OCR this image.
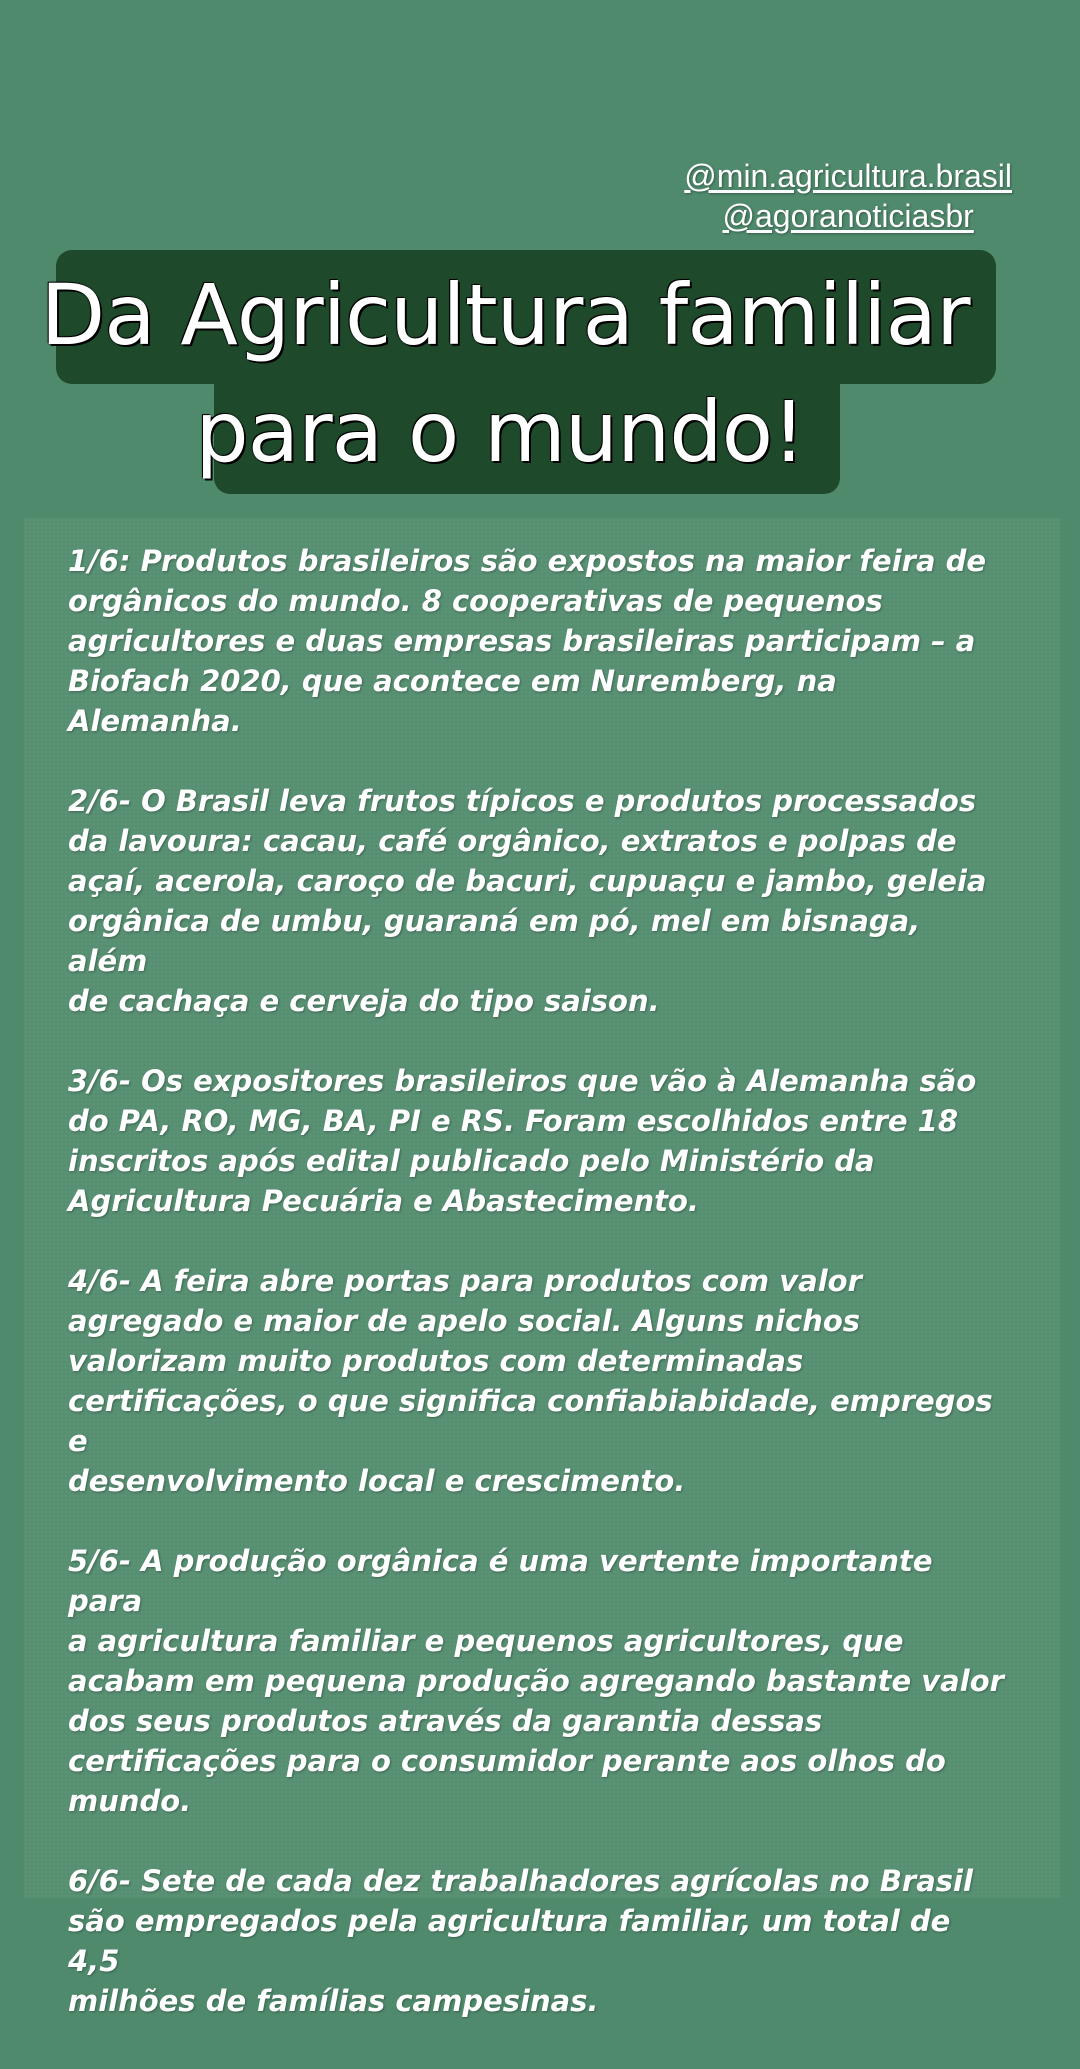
@min.agricultura.brasil
@agoranoticiasbr
Da Agricultura familiar
para o mundo!

1/6: Produtos brasileiros são expostos na maior feira de
orgânicos do mundo. 8 cooperativas de pequenos
agricultores e duas empresas brasileiras participam – a
Biofach 2020, que acontece em Nuremberg, na Alemanha.

2/6- O Brasil leva frutos típicos e produtos processados
da lavoura: cacau, café orgânico, extratos e polpas de
açaí, acerola, caroço de bacuri, cupuaçu e jambo, geleia
orgânica de umbu, guaraná em pó, mel em bisnaga, além
de cachaça e cerveja do tipo saison.

3/6- Os expositores brasileiros que vão à Alemanha são
do PA, RO, MG, BA, PI e RS. Foram escolhidos entre 18
inscritos após edital publicado pelo Ministério da
Agricultura Pecuária e Abastecimento.

4/6- A feira abre portas para produtos com valor
agregado e maior de apelo social. Alguns nichos
valorizam muito produtos com determinadas
certificações, o que significa confiabiabidade, empregos e
desenvolvimento local e crescimento.

5/6- A produção orgânica é uma vertente importante para
a agricultura familiar e pequenos agricultores, que
acabam em pequena produção agregando bastante valor
dos seus produtos através da garantia dessas
certificações para o consumidor perante aos olhos do
mundo.

6/6- Sete de cada dez trabalhadores agrícolas no Brasil
são empregados pela agricultura familiar, um total de 4,5
milhões de famílias campesinas.
